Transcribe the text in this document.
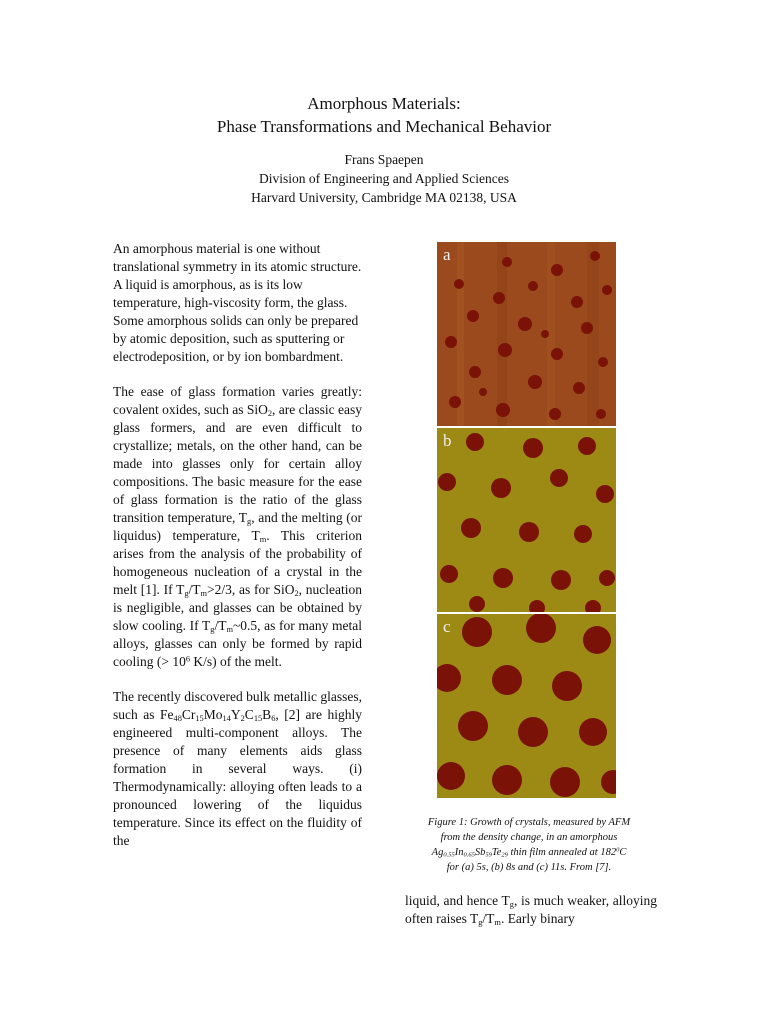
Amorphous Materials:
Phase Transformations and Mechanical Behavior
Frans Spaepen
Division of Engineering and Applied Sciences
Harvard University, Cambridge MA 02138, USA

An amorphous material is one without translational symmetry in its atomic structure. A liquid is amorphous, as is its low temperature, high-viscosity form, the glass. Some amorphous solids can only be prepared by atomic deposition, such as sputtering or electrodeposition, or by ion bombardment.

The ease of glass formation varies greatly: covalent oxides, such as SiO$_2$, are classic easy glass formers, and are even difficult to crystallize; metals, on the other hand, can be made into glasses only for certain alloy compositions. The basic measure for the ease of glass formation is the ratio of the glass transition temperature, $T_g$, and the melting (or liquidus) temperature, $T_m$. This criterion arises from the analysis of the probability of homogeneous nucleation of a crystal in the melt [1]. If $T_g/T_m>2/3$, as for SiO$_2$, nucleation is negligible, and glasses can be obtained by slow cooling. If $T_g/T_m\sim 0.5$, as for many metal alloys, glasses can only be formed by rapid cooling (> $10^6$ K/s) of the melt.

The recently discovered bulk metallic glasses, such as $Fe_{48}Cr_{15}Mo_{14}Y_2C_{15}B_6$, [2] are highly engineered multi-component alloys. The presence of many elements aids glass formation in several ways. (i) Thermodynamically: alloying often leads to a pronounced lowering of the liquidus temperature. Since its effect on the fluidity of the

a
b
c
Figure 1: Growth of crystals, measured by AFM
from the density change, in an amorphous
$Ag_{0.55}In_{0.65}Sb_{59}Te_{29}$ thin film annealed at $182^0C$
for (a) 5s, (b) 8s and (c) 11s. From [7].
liquid, and hence $T_g$, is much weaker, alloying often raises $T_g/T_m$. Early binary
